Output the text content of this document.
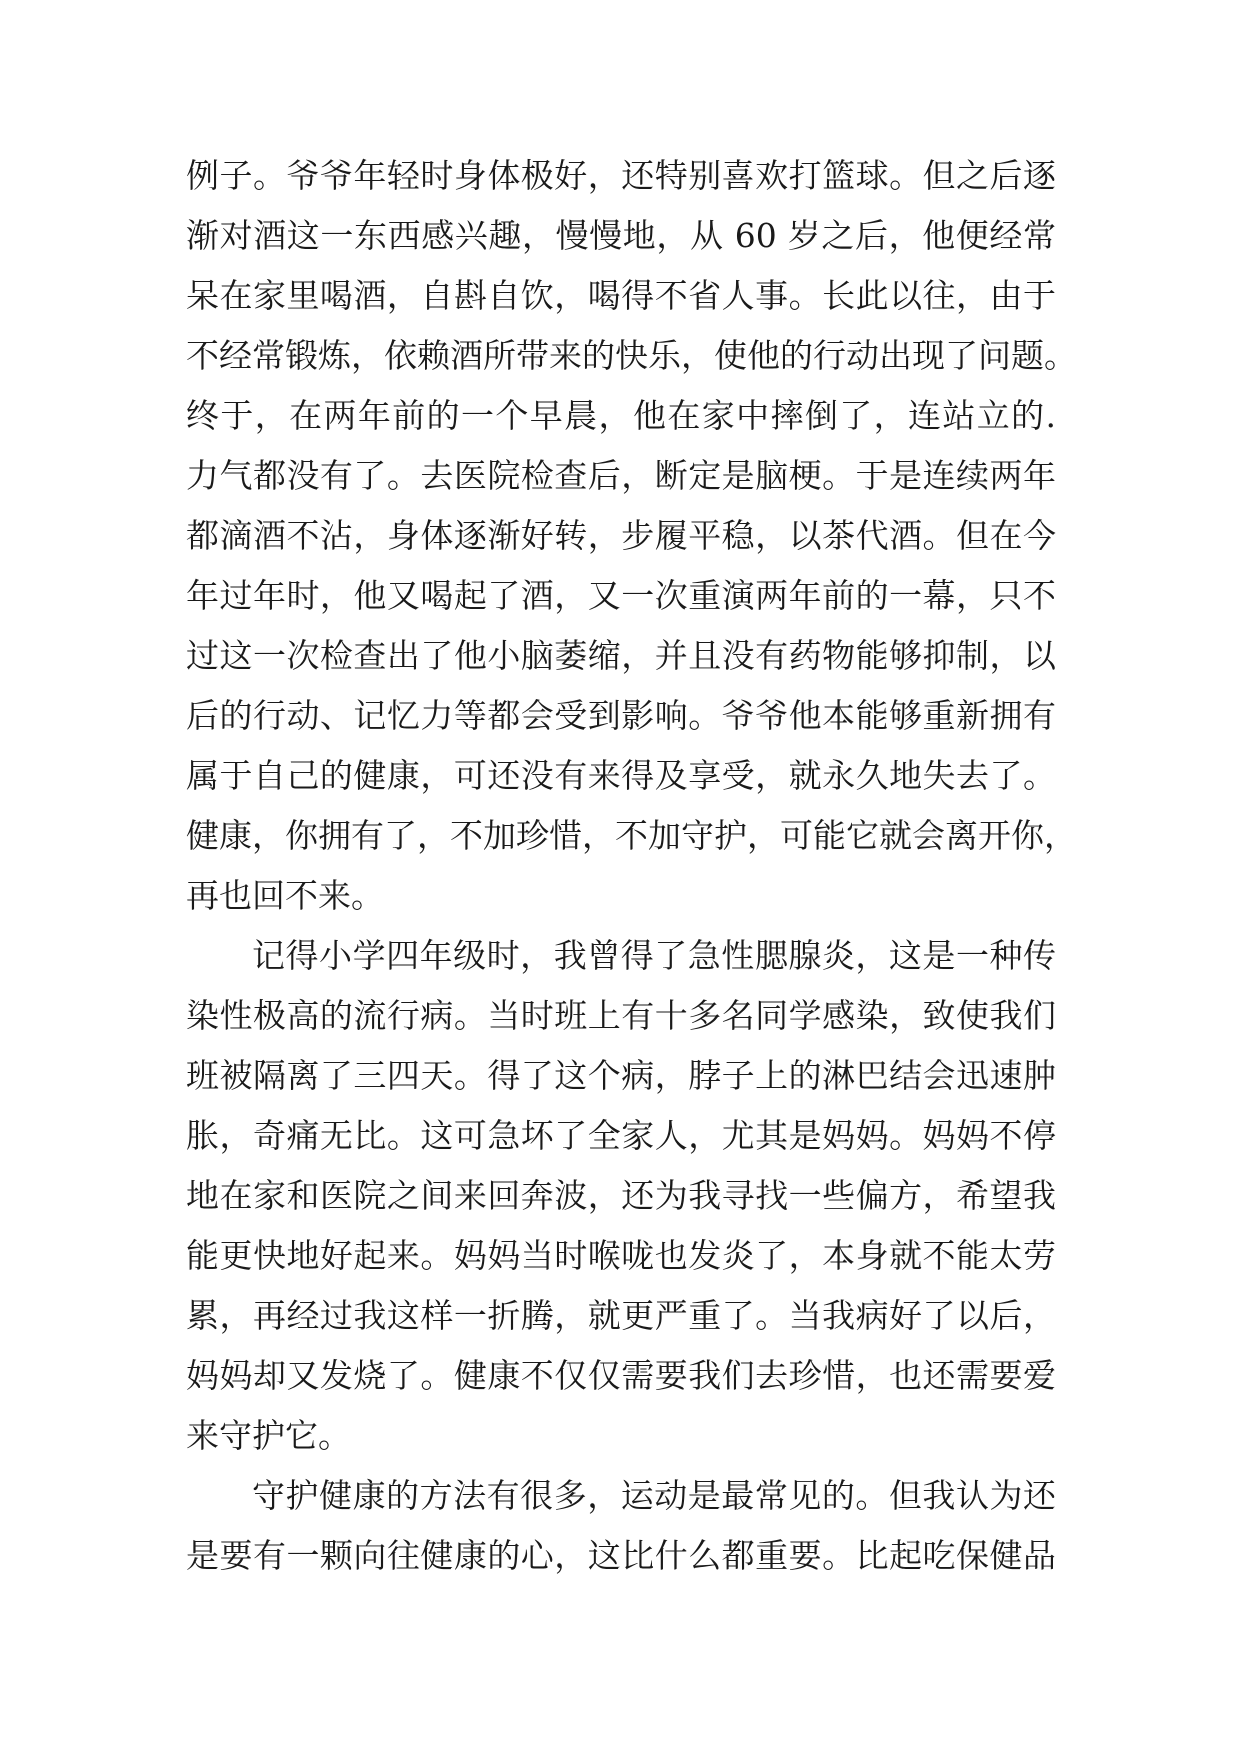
例子。爷爷年轻时身体极好，还特别喜欢打篮球。但之后逐
渐对酒这一东西感兴趣，慢慢地，从 60 岁之后，他便经常
呆在家里喝酒，自斟自饮，喝得不省人事。长此以往，由于
不经常锻炼，依赖酒所带来的快乐，使他的行动出现了问题。
终于，在两年前的一个早晨，他在家中摔倒了，连站立的.
力气都没有了。去医院检查后，断定是脑梗。于是连续两年
都滴酒不沾，身体逐渐好转，步履平稳，以茶代酒。但在今
年过年时，他又喝起了酒，又一次重演两年前的一幕，只不
过这一次检查出了他小脑萎缩，并且没有药物能够抑制，以
后的行动、记忆力等都会受到影响。爷爷他本能够重新拥有
属于自己的健康，可还没有来得及享受，就永久地失去了。
健康，你拥有了，不加珍惜，不加守护，可能它就会离开你，
再也回不来。
记得小学四年级时，我曾得了急性腮腺炎，这是一种传
染性极高的流行病。当时班上有十多名同学感染，致使我们
班被隔离了三四天。得了这个病，脖子上的淋巴结会迅速肿
胀，奇痛无比。这可急坏了全家人，尤其是妈妈。妈妈不停
地在家和医院之间来回奔波，还为我寻找一些偏方，希望我
能更快地好起来。妈妈当时喉咙也发炎了，本身就不能太劳
累，再经过我这样一折腾，就更严重了。当我病好了以后，
妈妈却又发烧了。健康不仅仅需要我们去珍惜，也还需要爱
来守护它。
守护健康的方法有很多，运动是最常见的。但我认为还
是要有一颗向往健康的心，这比什么都重要。比起吃保健品
